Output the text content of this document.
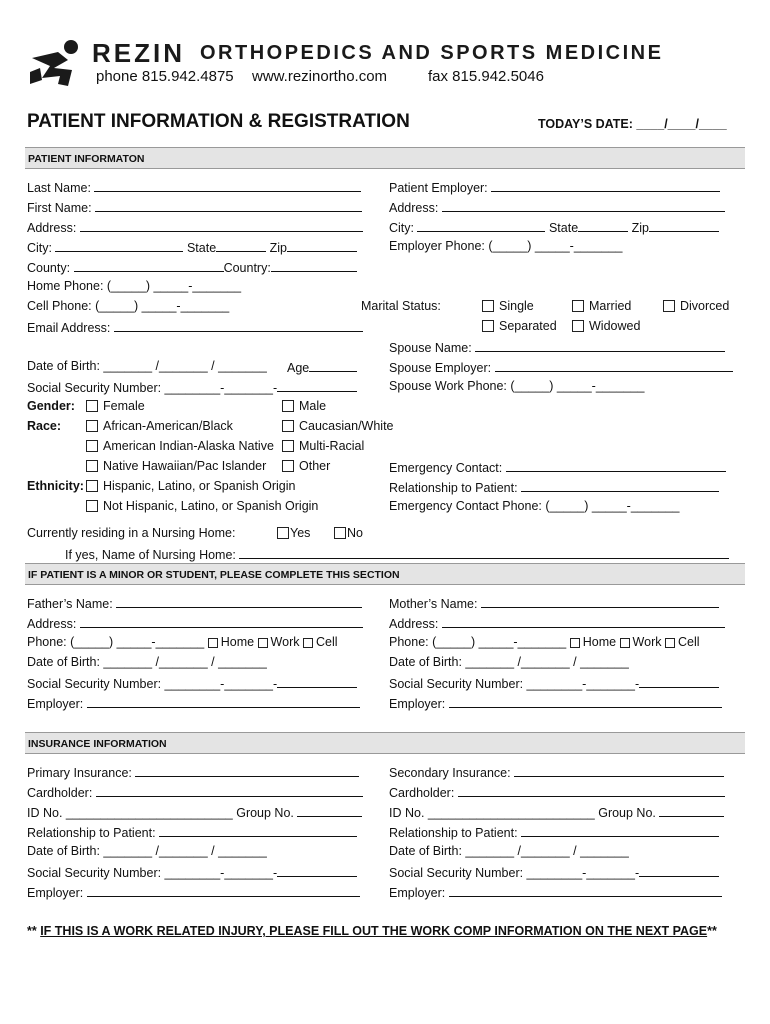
REZIN ORTHOPEDICS AND SPORTS MEDICINE
phone 815.942.4875 www.rezinortho.com	fax 815.942.5046
PATIENT INFORMATION & REGISTRATION	TODAY’S DATE: ____/____/____
PATIENT INFORMATON
Last Name:
First Name:
Address:
City:	State	Zip
County:	Country:
Home Phone: (_____) _____-_______
Cell Phone: (_____) _____-_______
Email Address:
Patient Employer:
Address:
City:	State	Zip
Employer Phone: (_____) _____-_______
Marital Status:	Single	Married	Divorced
Separated	Widowed
Spouse Name:
Spouse Employer:
Spouse Work Phone: (_____) _____-_______
Date of Birth: _______ /_______ / _______ Age
Social Security Number: ________-_______-
Gender:	Female	Male
Race:	African-American/Black	Caucasian/White
American Indian-Alaska Native	Multi-Racial
Native Hawaiian/Pac Islander	Other
Ethnicity:	Hispanic, Latino, or Spanish Origin
Not Hispanic, Latino, or Spanish Origin
Emergency Contact:
Relationship to Patient:
Emergency Contact Phone: (_____) _____-_______
Currently residing in a Nursing Home:	Yes	No
If yes, Name of Nursing Home:
IF PATIENT IS A MINOR OR STUDENT, PLEASE COMPLETE THIS SECTION
Father’s Name:
Address:
Phone: (_____) _____-_______ Home Work Cell
Date of Birth: _______ /_______ / _______
Social Security Number: ________-_______-
Employer:
Mother’s Name:
Address:
Phone: (_____) _____-_______ Home Work Cell
Date of Birth: _______ /_______ / _______
Social Security Number: ________-_______-
Employer:
INSURANCE INFORMATION
Primary Insurance:
Cardholder:
ID No. ________________________ Group No.
Relationship to Patient:
Date of Birth: _______ /_______ / _______
Social Security Number: ________-_______-
Employer:
Secondary Insurance:
Cardholder:
ID No. ________________________ Group No.
Relationship to Patient:
Date of Birth: _______ /_______ / _______
Social Security Number: ________-_______-
Employer:
** IF THIS IS A WORK RELATED INJURY, PLEASE FILL OUT THE WORK COMP INFORMATION ON THE NEXT PAGE**
